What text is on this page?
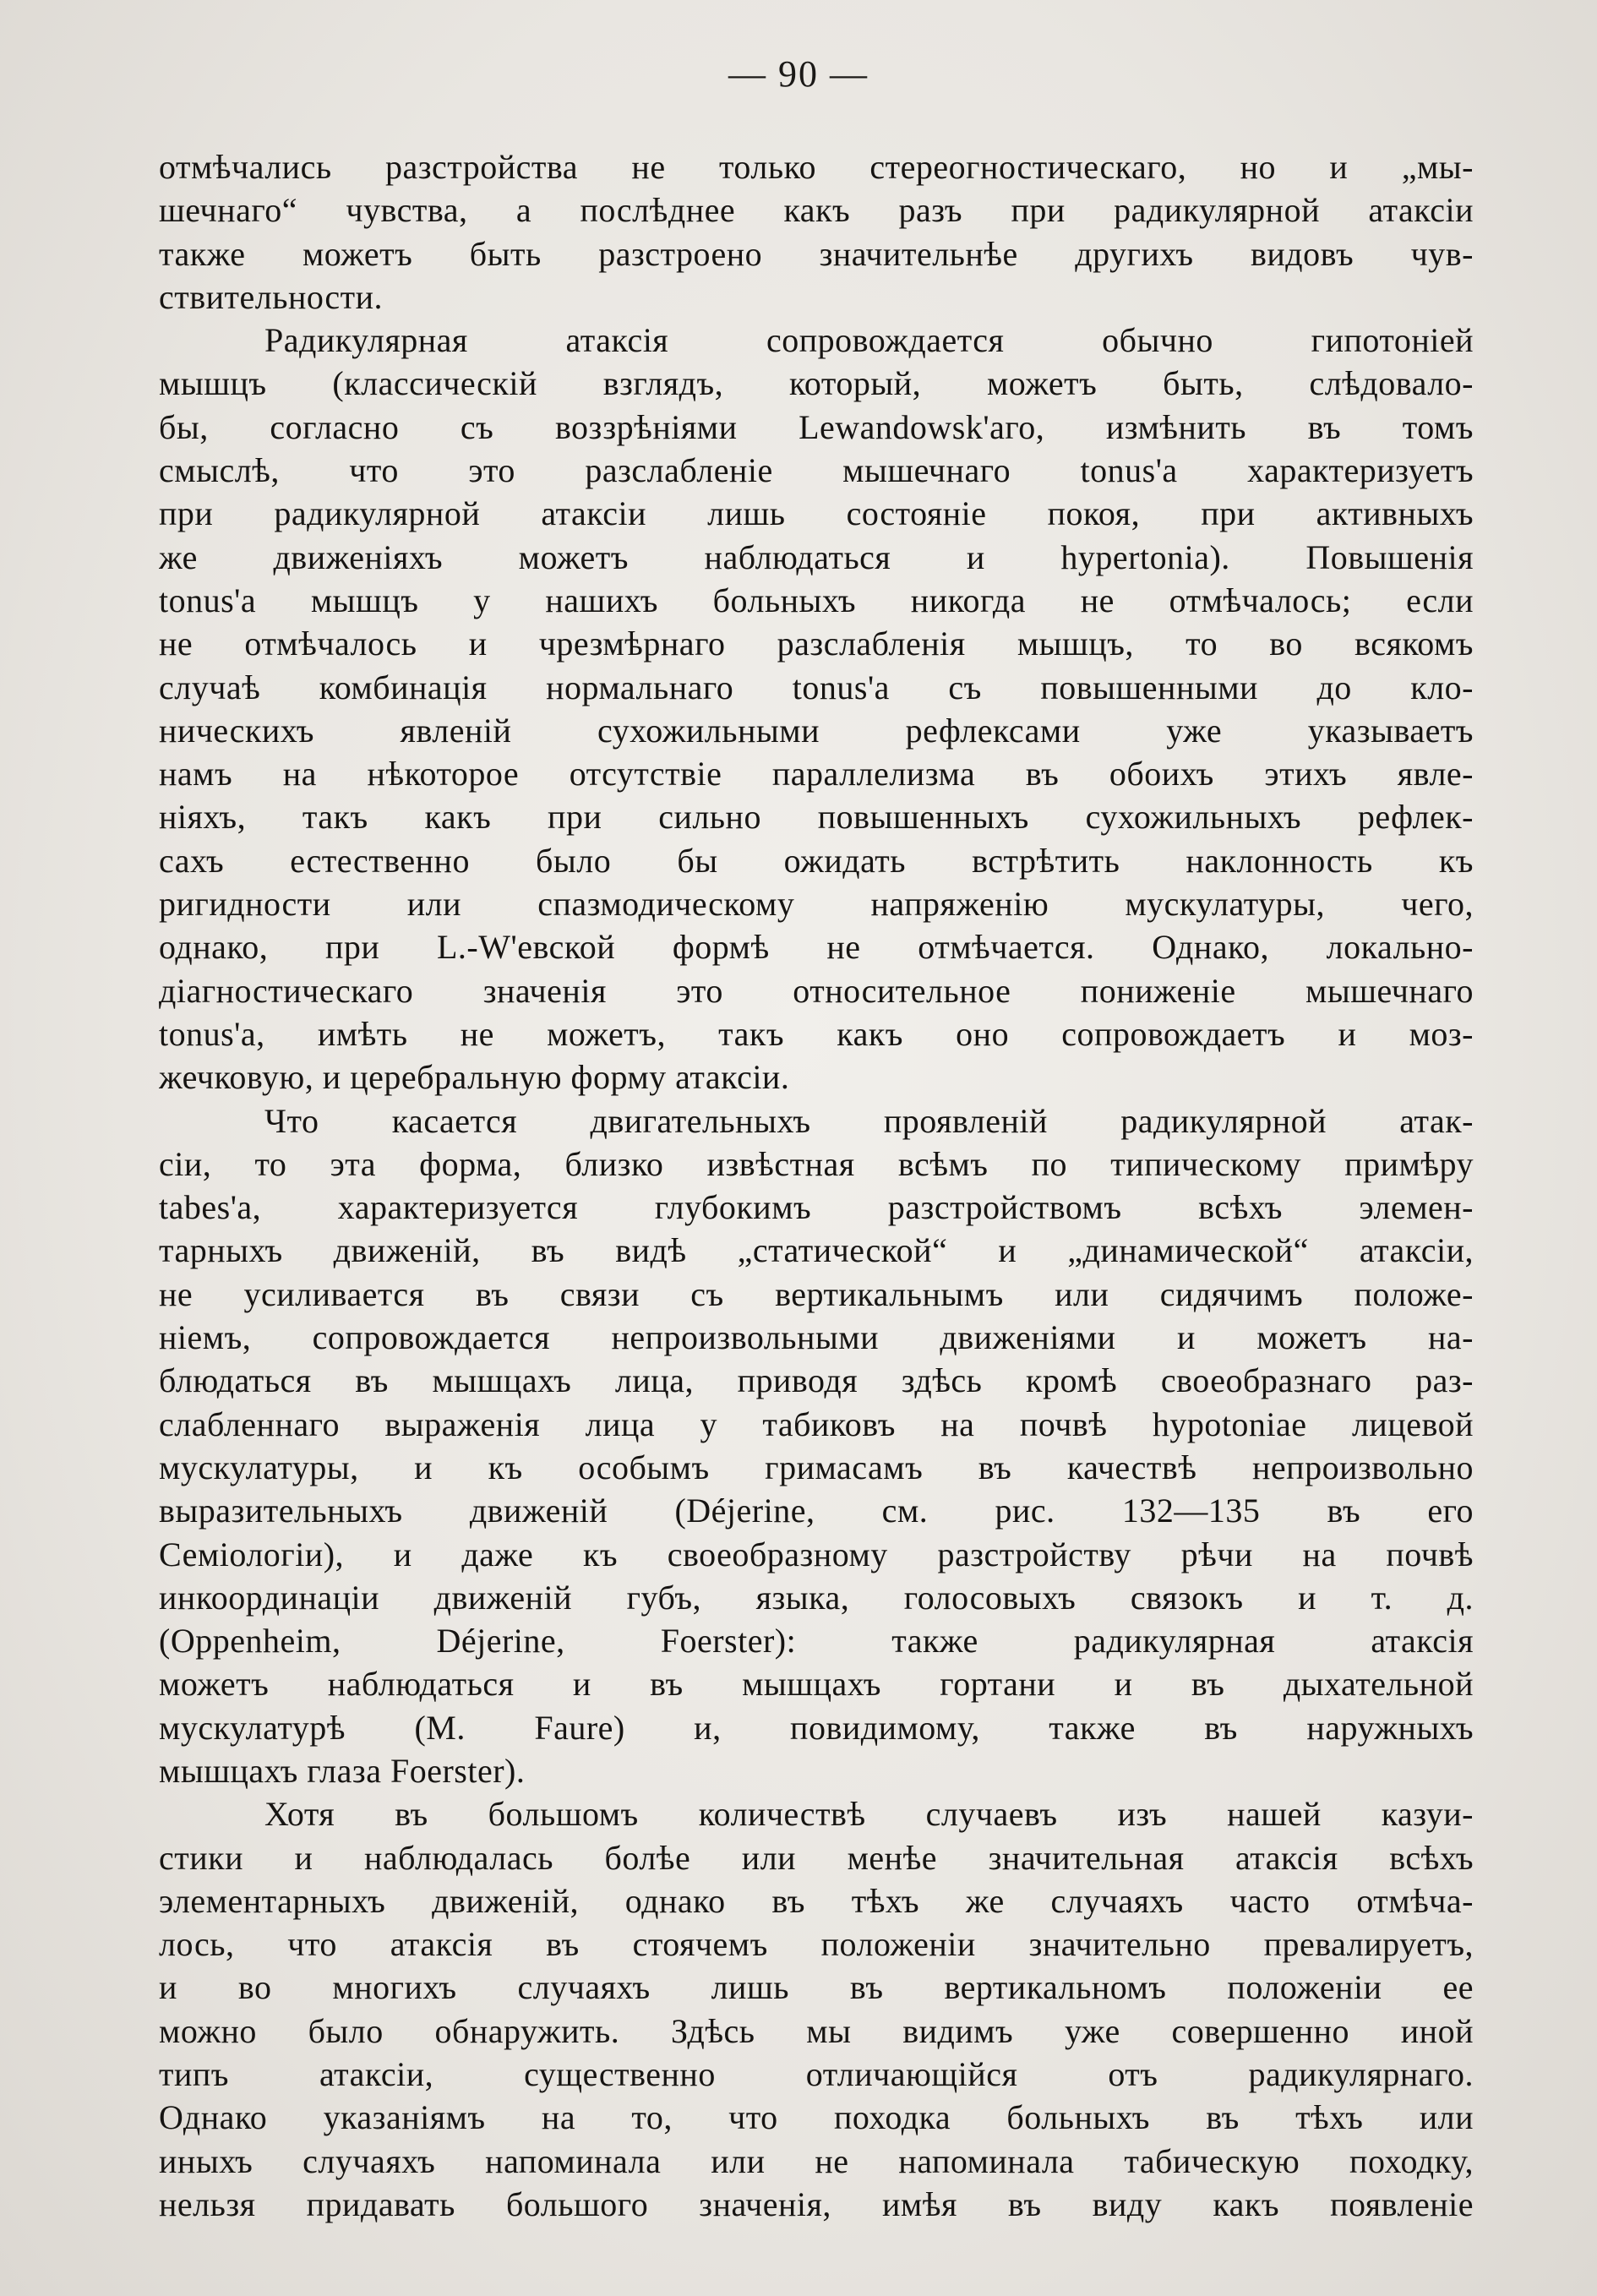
— 90 —
отмѣчались разстройства не только стереогностическаго, но и „мы-
шечнаго“ чувства, а послѣднее какъ разъ при радикулярной атаксіи
также можетъ быть разстроено значительнѣе другихъ видовъ чув-
ствительности.
Радикулярная атаксія сопровождается обычно гипотоніей
мышцъ (классическій взглядъ, который, можетъ быть, слѣдовало-
бы, согласно съ воззрѣніями Lewandowsk'аго, измѣнить въ томъ
смыслѣ, что это разслабленіе мышечнаго tonus'а характеризуетъ
при радикулярной атаксіи лишь состояніе покоя, при активныхъ
же движеніяхъ можетъ наблюдаться и hypertonia). Повышенія
tonus'а мышцъ у нашихъ больныхъ никогда не отмѣчалось; если
не отмѣчалось и чрезмѣрнаго разслабленія мышцъ, то во всякомъ
случаѣ комбинація нормальнаго tonus'а съ повышенными до кло-
ническихъ явленій сухожильными рефлексами уже указываетъ
намъ на нѣкоторое отсутствіе параллелизма въ обоихъ этихъ явле-
ніяхъ, такъ какъ при сильно повышенныхъ сухожильныхъ рефлек-
сахъ естественно было бы ожидать встрѣтить наклонность къ
ригидности или спазмодическому напряженію мускулатуры, чего,
однако, при L.-W'евской формѣ не отмѣчается. Однако, локально-
діагностическаго значенія это относительное пониженіе мышечнаго
tonus'а, имѣть не можетъ, такъ какъ оно сопровождаетъ и моз-
жечковую, и церебральную форму атаксіи.
Что касается двигательныхъ проявленій радикулярной атак-
сіи, то эта форма, близко извѣстная всѣмъ по типическому примѣру
tabes'а, характеризуется глубокимъ разстройствомъ всѣхъ элемен-
тарныхъ движеній, въ видѣ „статической“ и „динамической“ атаксіи,
не усиливается въ связи съ вертикальнымъ или сидячимъ положе-
ніемъ, сопровождается непроизвольными движеніями и можетъ на-
блюдаться въ мышцахъ лица, приводя здѣсь кромѣ своеобразнаго раз-
слабленнаго выраженія лица у табиковъ на почвѣ hypotoniae лицевой
мускулатуры, и къ особымъ гримасамъ въ качествѣ непроизвольно
выразительныхъ движеній (Déjerine, см. рис. 132—135 въ его
Семіологіи), и даже къ своеобразному разстройству рѣчи на почвѣ
инкоординаціи движеній губъ, языка, голосовыхъ связокъ и т. д.
(Oppenheim, Déjerine, Foerster): также радикулярная атаксія
можетъ наблюдаться и въ мышцахъ гортани и въ дыхательной
мускулатурѣ (M. Faure) и, повидимому, также въ наружныхъ
мышцахъ глаза Foerster).
Хотя въ большомъ количествѣ случаевъ изъ нашей казуи-
стики и наблюдалась болѣе или менѣе значительная атаксія всѣхъ
элементарныхъ движеній, однако въ тѣхъ же случаяхъ часто отмѣча-
лось, что атаксія въ стоячемъ положеніи значительно превалируетъ,
и во многихъ случаяхъ лишь въ вертикальномъ положеніи ее
можно было обнаружить. Здѣсь мы видимъ уже совершенно иной
типъ атаксіи, существенно отличающійся отъ радикулярнаго.
Однако указаніямъ на то, что походка больныхъ въ тѣхъ или
иныхъ случаяхъ напоминала или не напоминала табическую походку,
нельзя придавать большого значенія, имѣя въ виду какъ появленіе
